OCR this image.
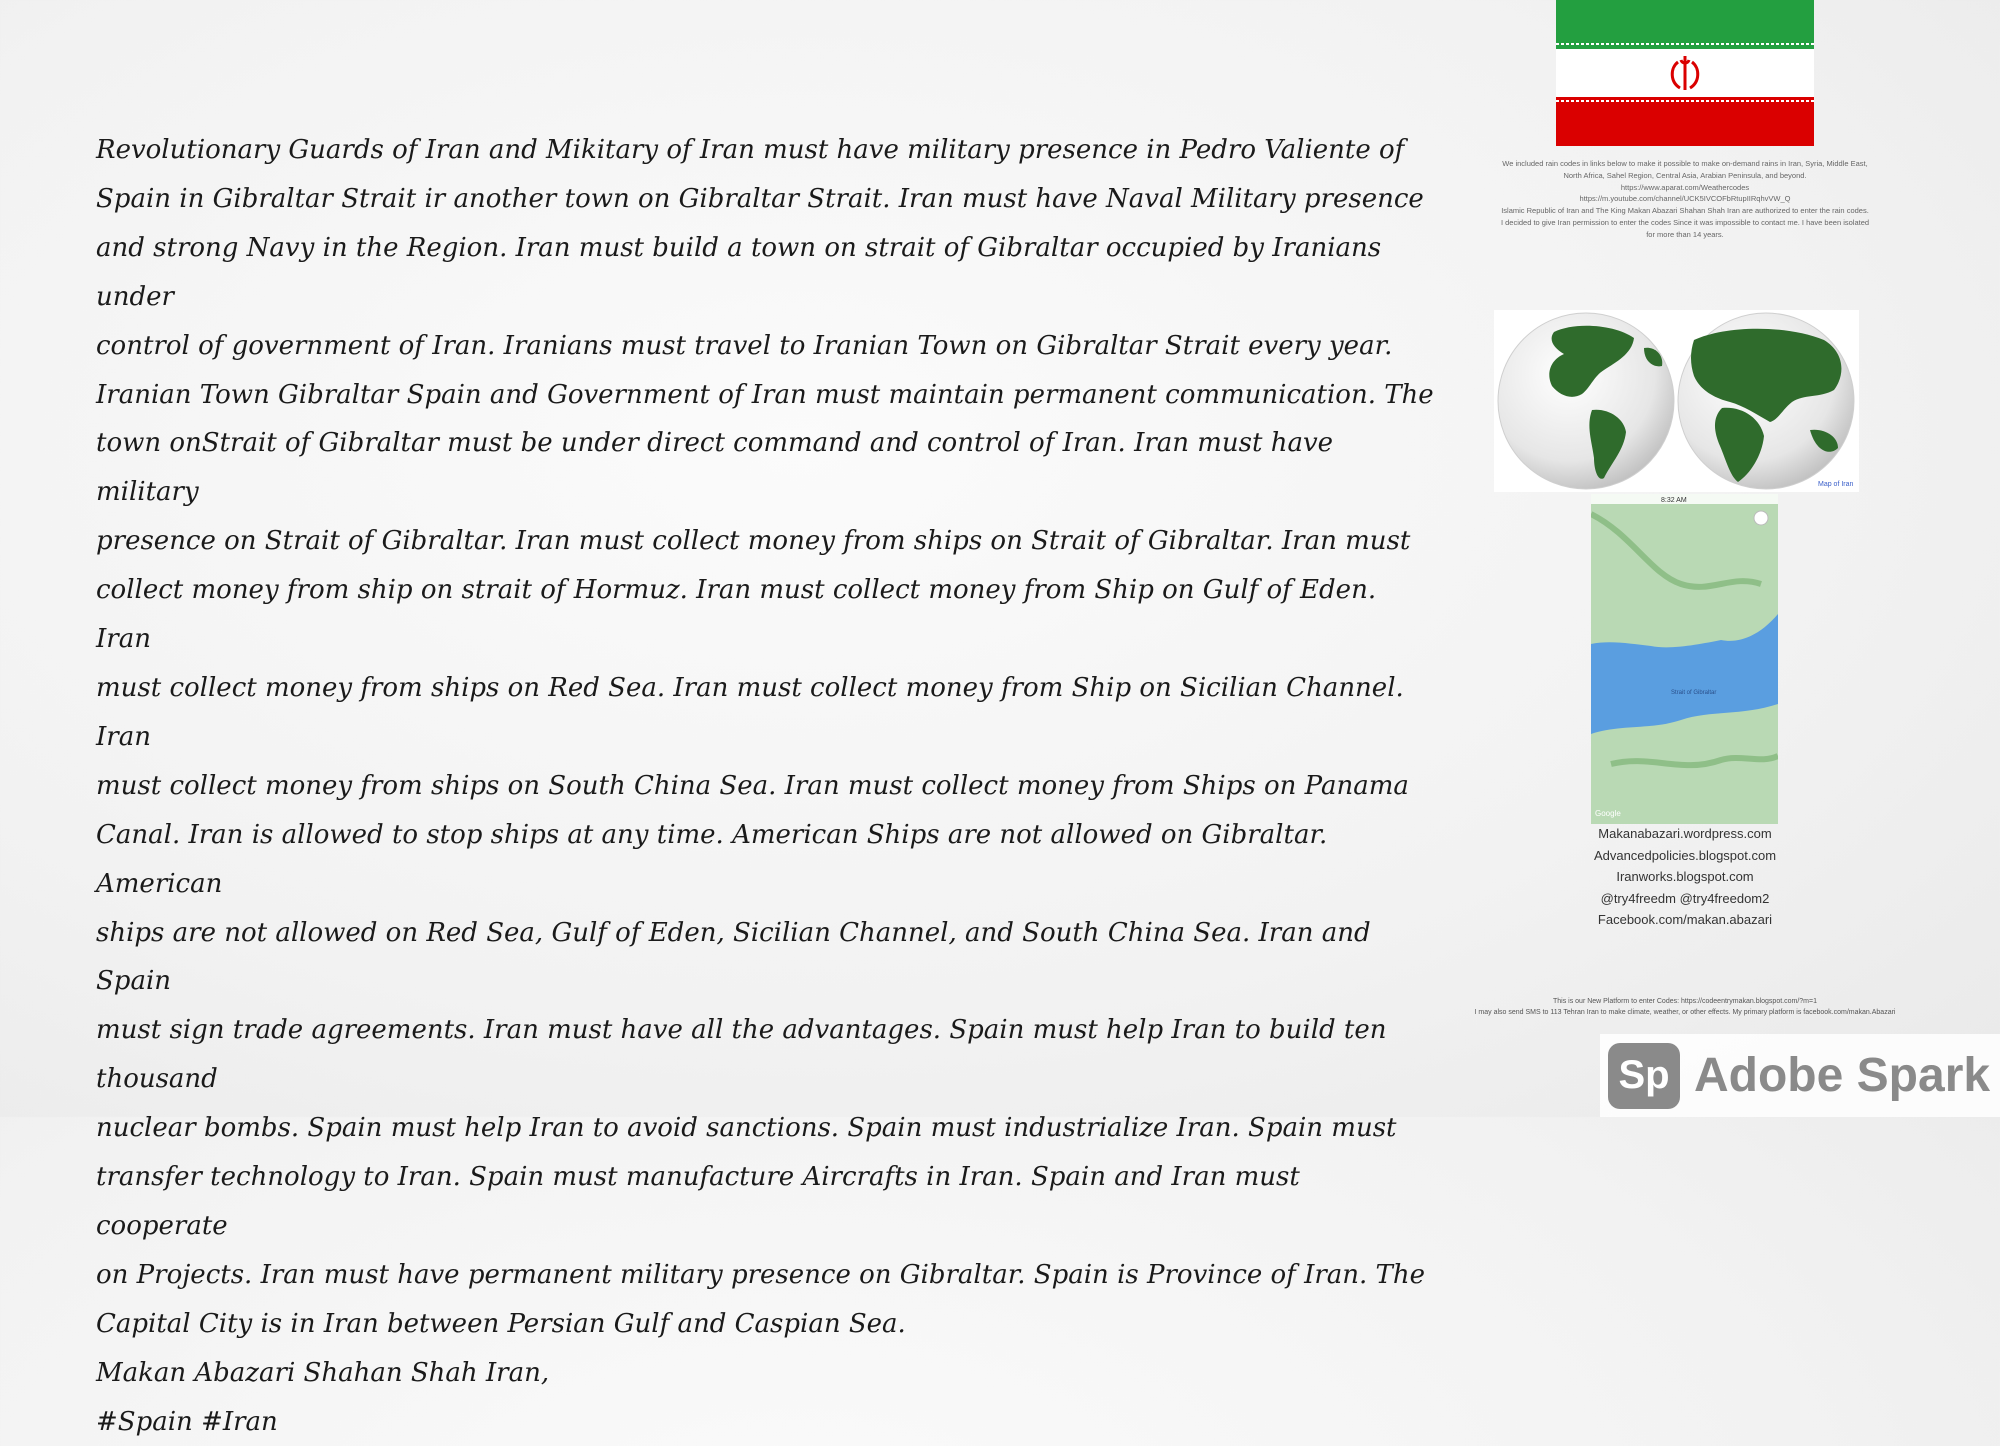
Revolutionary Guards of Iran and Mikitary of Iran must have military presence in Pedro Valiente of

Spain in Gibraltar Strait ir another town on Gibraltar Strait. Iran must have Naval Military presence

and strong Navy in the Region. Iran must build a town on strait of Gibraltar occupied by Iranians under

control of government of Iran. Iranians must travel to Iranian Town on Gibraltar Strait every year.

Iranian Town Gibraltar Spain and Government of Iran must maintain permanent communication. The

town onStrait of Gibraltar must be under direct command and control of Iran. Iran must have military

presence on Strait of Gibraltar. Iran must collect money from ships on Strait of Gibraltar. Iran must

collect money from ship on strait of Hormuz. Iran must collect money from Ship on Gulf of Eden. Iran

must collect money from ships on Red Sea. Iran must collect money from Ship on Sicilian Channel. Iran

must collect money from ships on South China Sea. Iran must collect money from Ships on Panama

Canal. Iran is allowed to stop ships at any time. American Ships are not allowed on Gibraltar. American

ships are not allowed on Red Sea, Gulf of Eden, Sicilian Channel, and South China Sea. Iran and Spain

must sign trade agreements. Iran must have all the advantages. Spain must help Iran to build ten thousand

nuclear bombs. Spain must help Iran to avoid sanctions. Spain must industrialize Iran. Spain must

transfer technology to Iran. Spain must manufacture Aircrafts in Iran. Spain and Iran must cooperate

on Projects. Iran must have permanent military presence on Gibraltar. Spain is Province of Iran. The

Capital City is in Iran between Persian Gulf and Caspian Sea.

Makan Abazari Shahan Shah Iran,

#Spain #Iran

We included rain codes in links below to make it possible to make on-demand rains in Iran, Syria, Middle East,
North Africa, Sahel Region, Central Asia, Arabian Peninsula, and beyond.
https://www.aparat.com/Weathercodes
https://m.youtube.com/channel/UCK5IVCOFbRtupIIRqhvVW_Q
Islamic Republic of Iran and The King Makan Abazari Shahan Shah Iran are authorized to enter the rain codes.
I decided to give Iran permission to enter the codes Since it was impossible to contact me. I have been isolated
for more than 14 years.
Map of Iran
8:32 AM
Strait of Gibraltar
Google
Makanabazari.wordpress.com
Advancedpolicies.blogspot.com
Iranworks.blogspot.com
@try4freedm @try4freedom2
Facebook.com/makan.abazari
This is our New Platform to enter Codes: https://codeentrymakan.blogspot.com/?m=1
I may also send SMS to 113 Tehran Iran to make climate, weather, or other effects. My primary platform is facebook.com/makan.Abazari
Sp Adobe Spark
